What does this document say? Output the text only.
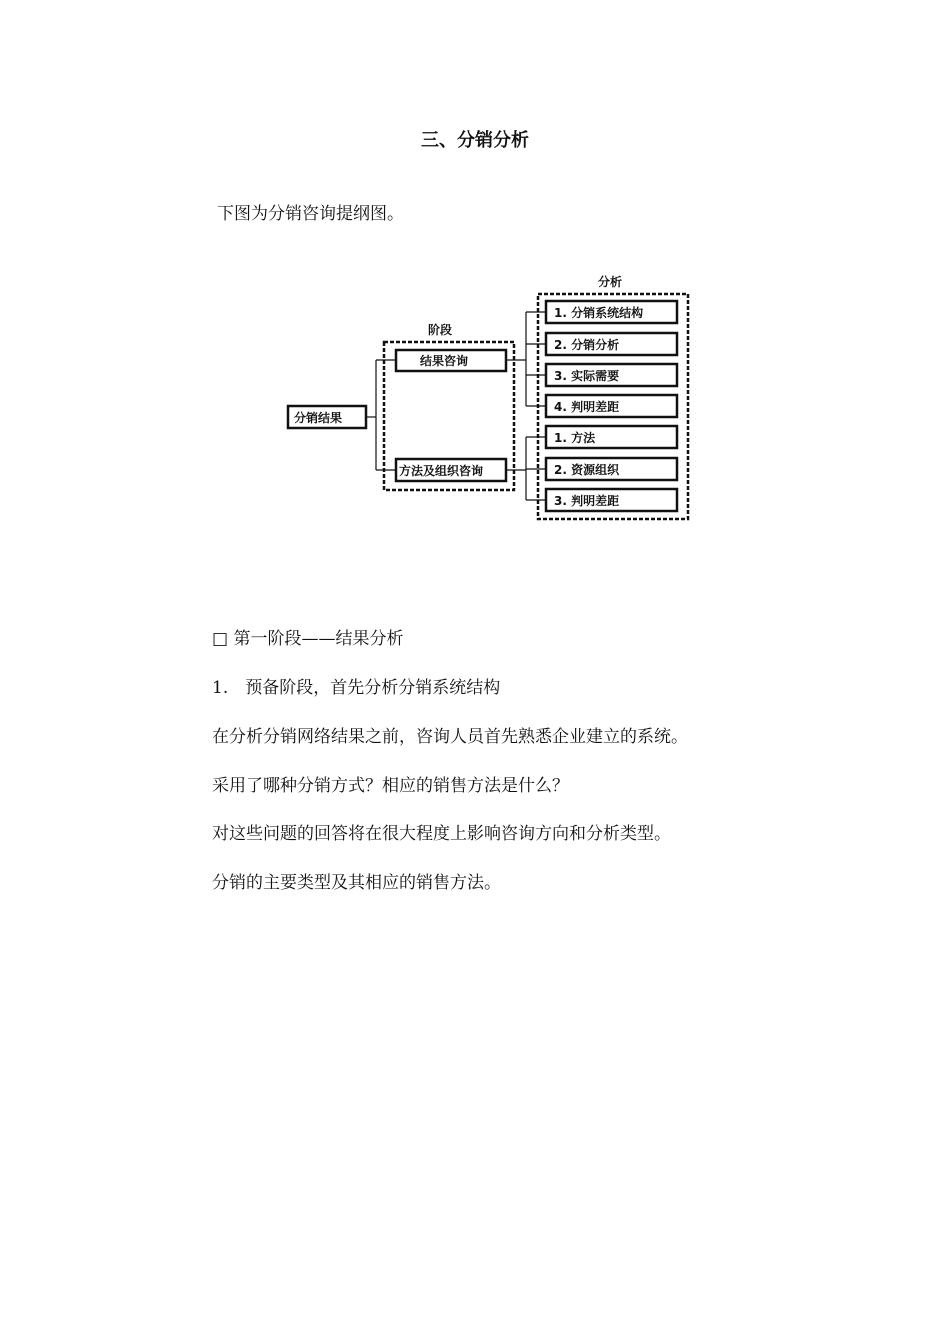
三、分销分析
下图为分销咨询提纲图。
阶段
分析
分销结果
结果咨询
方法及组织咨询
1. 分销系统结构
2. 分销分析
3. 实际需要
4. 判明差距
1. 方法
2. 资源组织
3. 判明差距
□ 第一阶段——结果分析
1.　预备阶段，首先分析分销系统结构
在分析分销网络结果之前，咨询人员首先熟悉企业建立的系统。
采用了哪种分销方式？相应的销售方法是什么？
对这些问题的回答将在很大程度上影响咨询方向和分析类型。
分销的主要类型及其相应的销售方法。
